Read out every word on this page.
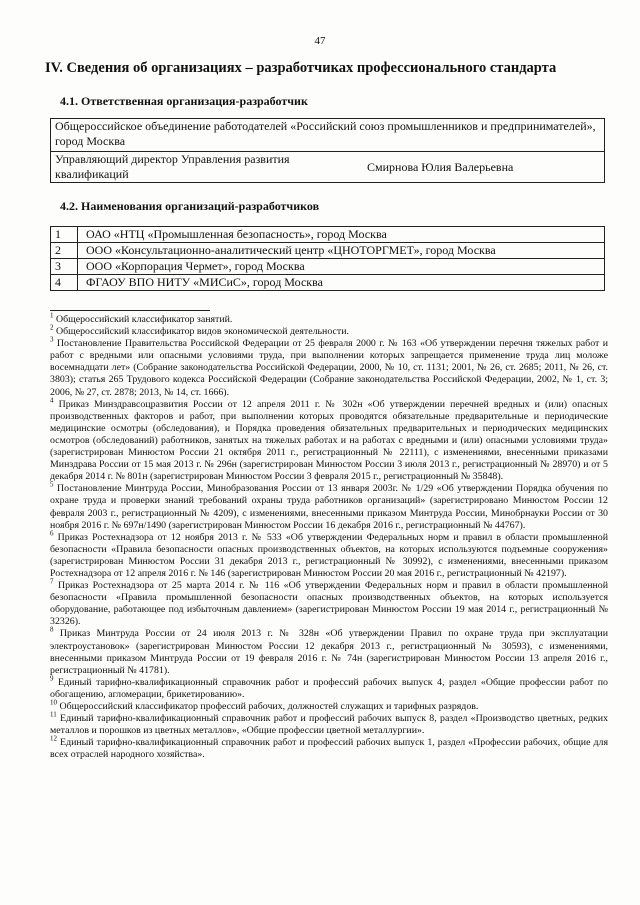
47
IV. Сведения об организациях – разработчиках профессионального стандарта
4.1. Ответственная организация-разработчик
Общероссийское объединение работодателей «Российский союз промышленников и предпринимателей», город Москва
Управляющий директор Управления развития квалификаций	Смирнова Юлия Валерьевна
4.2. Наименования организаций-разработчиков
1	ОАО «НТЦ «Промышленная безопасность», город Москва
2	ООО «Консультационно-аналитический центр «ЦНОТОРГМЕТ», город Москва
3	ООО «Корпорация Чермет», город Москва
4	ФГАОУ ВПО НИТУ «МИСиС», город Москва

$^1$ Общероссийский классификатор занятий.

$^2$ Общероссийский классификатор видов экономической деятельности.

$^3$ Постановление Правительства Российской Федерации от 25 февраля 2000 г. № 163 «Об утверждении перечня тяжелых работ и работ с вредными или опасными условиями труда, при выполнении которых запрещается применение труда лиц моложе восемнадцати лет» (Собрание законодательства Российской Федерации, 2000, № 10, ст. 1131; 2001, № 26, ст. 2685; 2011, № 26, ст. 3803); статья 265 Трудового кодекса Российской Федерации (Собрание законодательства Российской Федерации, 2002, № 1, ст. 3; 2006, № 27, ст. 2878; 2013, № 14, ст. 1666).

$^4$ Приказ Минздравсоцразвития России от 12 апреля 2011 г. № 302н «Об утверждении перечней вредных и (или) опасных производственных факторов и работ, при выполнении которых проводятся обязательные предварительные и периодические медицинские осмотры (обследования), и Порядка проведения обязательных предварительных и периодических медицинских осмотров (обследований) работников, занятых на тяжелых работах и на работах с вредными и (или) опасными условиями труда» (зарегистрирован Минюстом России 21 октября 2011 г., регистрационный № 22111), с изменениями, внесенными приказами Минздрава России от 15 мая 2013 г. № 296н (зарегистрирован Минюстом России 3 июля 2013 г., регистрационный № 28970) и от 5 декабря 2014 г. № 801н (зарегистрирован Минюстом России 3 февраля 2015 г., регистрационный № 35848).

$^5$ Постановление Минтруда России, Минобразования России от 13 января 2003г. № 1/29 «Об утверждении Порядка обучения по охране труда и проверки знаний требований охраны труда работников организаций» (зарегистрировано Минюстом России 12 февраля 2003 г., регистрационный № 4209), с изменениями, внесенными приказом Минтруда России, Минобрнауки России от 30 ноября 2016 г. № 697н/1490 (зарегистрирован Минюстом России 16 декабря 2016 г., регистрационный № 44767).

$^6$ Приказ Ростехнадзора от 12 ноября 2013 г. № 533 «Об утверждении Федеральных норм и правил в области промышленной безопасности «Правила безопасности опасных производственных объектов, на которых используются подъемные сооружения» (зарегистрирован Минюстом России 31 декабря 2013 г., регистрационный № 30992), с изменениями, внесенными приказом Ростехнадзора от 12 апреля 2016 г. № 146 (зарегистрирован Минюстом России 20 мая 2016 г., регистрационный № 42197).

$^7$ Приказ Ростехнадзора от 25 марта 2014 г. № 116 «Об утверждении Федеральных норм и правил в области промышленной безопасности «Правила промышленной безопасности опасных производственных объектов, на которых используется оборудование, работающее под избыточным давлением» (зарегистрирован Минюстом России 19 мая 2014 г., регистрационный № 32326).

$^8$ Приказ Минтруда России от 24 июля 2013 г. № 328н «Об утверждении Правил по охране труда при эксплуатации электроустановок» (зарегистрирован Минюстом России 12 декабря 2013 г., регистрационный № 30593), с изменениями, внесенными приказом Минтруда России от 19 февраля 2016 г. № 74н (зарегистрирован Минюстом России 13 апреля 2016 г., регистрационный № 41781).

$^9$ Единый тарифно-квалификационный справочник работ и профессий рабочих выпуск 4, раздел «Общие профессии работ по обогащению, агломерации, брикетированию».

$^{10}$ Общероссийский классификатор профессий рабочих, должностей служащих и тарифных разрядов.

$^{11}$ Единый тарифно-квалификационный справочник работ и профессий рабочих выпуск 8, раздел «Производство цветных, редких металлов и порошков из цветных металлов», «Общие профессии цветной металлургии».

$^{12}$ Единый тарифно-квалификационный справочник работ и профессий рабочих выпуск 1, раздел «Профессии рабочих, общие для всех отраслей народного хозяйства».
